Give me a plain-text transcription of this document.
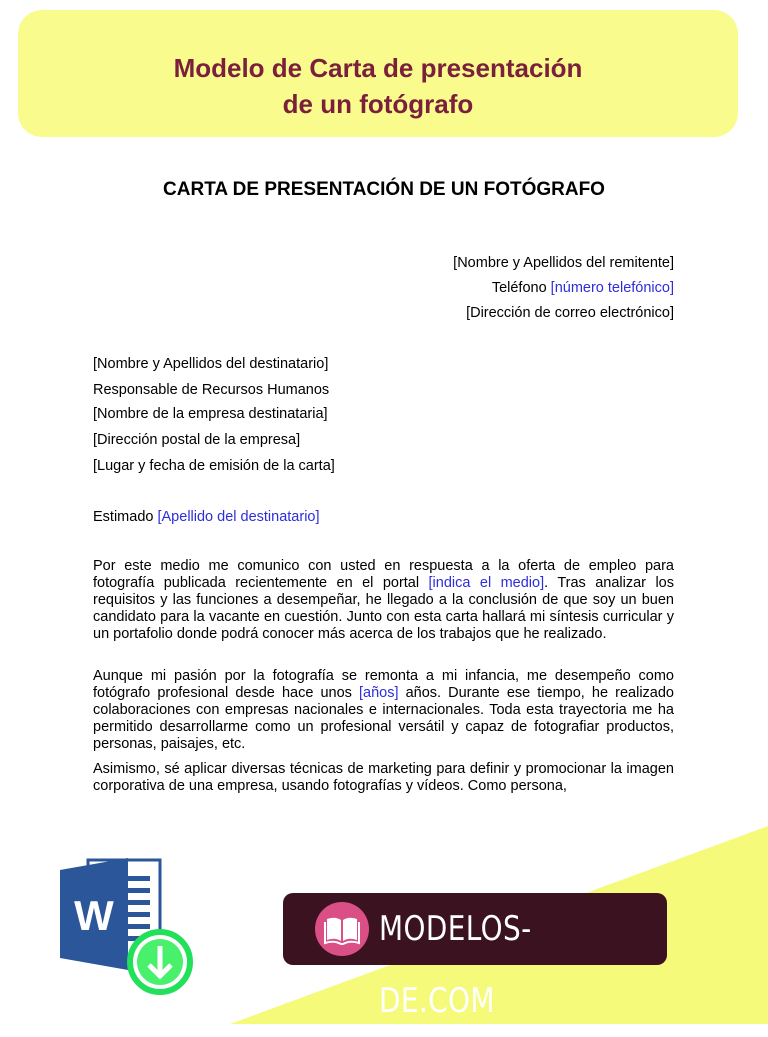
Modelo de Carta de presentación
de un fotógrafo
CARTA DE PRESENTACIÓN DE UN FOTÓGRAFO
[Nombre y Apellidos del remitente]
Teléfono [número telefónico]
[Dirección de correo electrónico]
[Nombre y Apellidos del destinatario]
Responsable de Recursos Humanos
[Nombre de la empresa destinataria]
[Dirección postal de la empresa]
[Lugar y fecha de emisión de la carta]
Estimado [Apellido del destinatario]
Por este medio me comunico con usted en respuesta a la oferta de empleo para fotografía publicada recientemente en el portal [indica el medio]. Tras analizar los requisitos y las funciones a desempeñar, he llegado a la conclusión de que soy un buen candidato para la vacante en cuestión. Junto con esta carta hallará mi síntesis curricular y un portafolio donde podrá conocer más acerca de los trabajos que he realizado.
Aunque mi pasión por la fotografía se remonta a mi infancia, me desempeño como fotógrafo profesional desde hace unos [años] años. Durante ese tiempo, he realizado colaboraciones con empresas nacionales e internacionales. Toda esta trayectoria me ha permitido desarrollarme como un profesional versátil y capaz de fotografiar productos, personas, paisajes, etc.
Asimismo, sé aplicar diversas técnicas de marketing para definir y promocionar la imagen corporativa de una empresa, usando fotografías y vídeos. Como persona,
W	MODELOS-DE.COM
